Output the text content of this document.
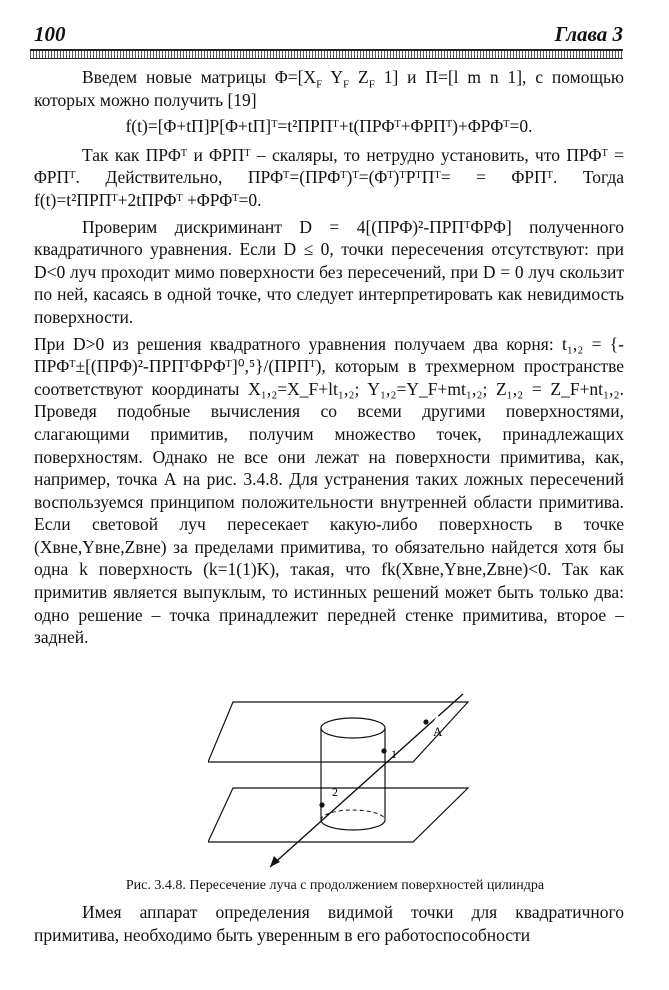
100	Глава 3

Введем новые матрицы $\Phi=[X_F$ $Y_F$ $Z_F$ 1] и П=[l m n 1], с помощью которых можно получить [19]

f(t)=[Φ+tП]P[Φ+tП]ᵀ=t²ПРПᵀ+t(ПРΦᵀ+ΦРПᵀ)+ΦРΦᵀ=0.

Так как ПРΦᵀ и ΦРПᵀ – скаляры, то нетрудно установить, что ПРΦᵀ = ΦРПᵀ. Действительно, ПРΦᵀ=(ПРΦᵀ)ᵀ=(Φᵀ)ᵀРᵀПᵀ= = ΦРПᵀ. Тогда f(t)=t²ПРПᵀ+2tПРΦᵀ +ΦРΦᵀ=0.

Проверим дискриминант D = 4[(ПРΦ)²-ПРПᵀΦРΦ] полученного квадратичного уравнения. Если D ≤ 0, точки пересечения отсутствуют: при D<0 луч проходит мимо поверхности без пересечений, при D = 0 луч скользит по ней, касаясь в одной точке, что следует интерпретировать как невидимость поверхности.

При D>0 из решения квадратного уравнения получаем два корня: t₁,₂ = {-ПРΦᵀ±[(ПРΦ)²-ПРПᵀΦРΦᵀ]⁰,⁵}/(ПРПᵀ), которым в трехмерном пространстве соответствуют координаты X₁,₂=X_F+lt₁,₂; Y₁,₂=Y_F+mt₁,₂; Z₁,₂ = Z_F+nt₁,₂. Проведя подобные вычисления со всеми другими поверхностями, слагающими примитив, получим множество точек, принадлежащих поверхностям. Однако не все они лежат на поверхности примитива, как, например, точка А на рис. 3.4.8. Для устранения таких ложных пересечений воспользуемся принципом положительности внутренней области примитива. Если световой луч пересекает какую-либо поверхность в точке (Xвне,Yвне,Zвне) за пределами примитива, то обязательно найдется хотя бы одна k поверхность (k=1(1)K), такая, что fk(Xвне,Yвне,Zвне)<0. Так как примитив является выпуклым, то истинных решений может быть только два: одно решение – точка принадлежит передней стенке примитива, второе – задней.

A
1
2
Рис. 3.4.8. Пересечение луча с продолжением поверхностей цилиндра

Имея аппарат определения видимой точки для квадратичного примитива, необходимо быть уверенным в его работоспособности
